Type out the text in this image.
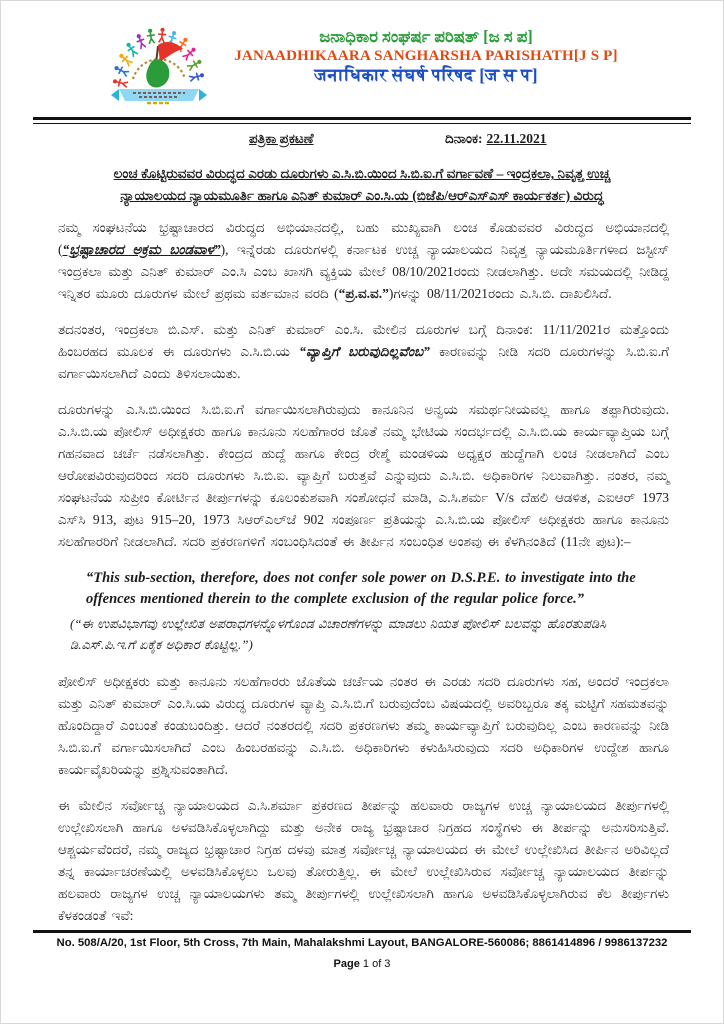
ಜನಾಧಿಕಾರ ಸಂಘರ್ಷ ಪರಿಷತ್ [ಜ ಸ ಪ]
JANAADHIKAARA SANGHARSHA PARISHATH[J S P]
जनाधिकार संघर्ष परिषद [ज स प]
ಪತ್ರಿಕಾ ಪ್ರಕಟಣೆ	ದಿನಾಂಕ: 22.11.2021
ಲಂಚ ಕೊಟ್ಟಿರುವವರ ವಿರುದ್ಧದ ಎರಡು ದೂರುಗಳು ಎ.ಸಿ.ಬಿ.ಯಿಂದ ಸಿ.ಬಿ.ಐ.ಗೆ ವರ್ಗಾವಣೆ – ಇಂದ್ರಕಲಾ, ನಿವೃತ್ತ ಉಚ್ಚ
ನ್ಯಾಯಾಲಯದ ನ್ಯಾಯಮೂರ್ತಿ ಹಾಗೂ ಎನಿತ್ ಕುಮಾರ್ ಎಂ.ಸಿ.ಯ (ಬಿಜೆಪಿ/ಆರ್‌ಎಸ್‌ಎಸ್ ಕಾರ್ಯಕರ್ತ) ವಿರುದ್ಧ

ನಮ್ಮ ಸಂಘಟನೆಯ ಭ್ರಷ್ಟಾಚಾರದ ವಿರುದ್ಧದ ಅಭಿಯಾನದಲ್ಲಿ, ಬಹು ಮುಖ್ಯವಾಗಿ ಲಂಚ ಕೊಡುವವರ ವಿರುದ್ಧದ ಅಭಿಯಾನದಲ್ಲಿ (“ಭ್ರಷ್ಟಾಚಾರದ ಅಕ್ರಮ ಬಂಡವಾಳ”), ಇನ್ನೆರಡು ದೂರುಗಳಲ್ಲಿ ಕರ್ನಾಟಕ ಉಚ್ಚ ನ್ಯಾಯಾಲಯದ ನಿವೃತ್ತ ನ್ಯಾಯಮೂರ್ತಿಗಳಾದ ಜಸ್ಟೀಸ್ ಇಂದ್ರಕಲಾ ಮತ್ತು ಎನಿತ್ ಕುಮಾರ್ ಎಂ.ಸಿ ಎಂಬ ಖಾಸಗಿ ವ್ಯಕ್ತಿಯ ಮೇಲೆ 08/10/2021ರಂದು ನೀಡಲಾಗಿತ್ತು. ಅದೇ ಸಮಯದಲ್ಲಿ ನೀಡಿದ್ದ ಇನ್ನಿತರ ಮೂರು ದೂರುಗಳ ಮೇಲೆ ಪ್ರಥಮ ವರ್ತಮಾನ ವರದಿ (“ಪ್ರ.ವ.ವ.”)ಗಳನ್ನು 08/11/2021ರಂದು ಎ.ಸಿ.ಬಿ. ದಾಖಲಿಸಿದೆ.

ತದನಂತರ, ಇಂದ್ರಕಲಾ ಬಿ.ಎಸ್. ಮತ್ತು ಎನಿತ್ ಕುಮಾರ್ ಎಂ.ಸಿ. ಮೇಲಿನ ದೂರುಗಳ ಬಗ್ಗೆ ದಿನಾಂಕ: 11/11/2021ರ ಮತ್ತೊಂದು ಹಿಂಬರಹದ ಮೂಲಕ ಈ ದೂರುಗಳು ಎ.ಸಿ.ಬಿ.ಯ “ವ್ಯಾಪ್ತಿಗೆ ಬರುವುದಿಲ್ಲವೆಂಬ” ಕಾರಣವನ್ನು ನೀಡಿ ಸದರಿ ದೂರುಗಳನ್ನು ಸಿ.ಬಿ.ಐ.ಗೆ ವರ್ಗಾಯಿಸಲಾಗಿದೆ ಎಂದು ತಿಳಿಸಲಾಯಿತು.

ದೂರುಗಳನ್ನು ಎ.ಸಿ.ಬಿ.ಯಿಂದ ಸಿ.ಬಿ.ಐ.ಗೆ ವರ್ಗಾಯಿಸಲಾಗಿರುವುದು ಕಾನೂನಿನ ಅನ್ವಯ ಸಮರ್ಥನೀಯವಲ್ಲ ಹಾಗೂ ತಪ್ಪಾಗಿರುವುದು. ಎ.ಸಿ.ಬಿ.ಯ ಪೋಲಿಸ್ ಅಧೀಕ್ಷಕರು ಹಾಗೂ ಕಾನೂನು ಸಲಹೆಗಾರರ ಜೊತೆ ನಮ್ಮ ಭೇಟಿಯ ಸಂದರ್ಭದಲ್ಲಿ ಎ.ಸಿ.ಬಿ.ಯ ಕಾರ್ಯವ್ಯಾಪ್ತಿಯ ಬಗ್ಗೆ ಗಹನವಾದ ಚರ್ಚೆ ನಡೆಸಲಾಗಿತ್ತು. ಕೇಂದ್ರದ ಹುದ್ದೆ ಹಾಗೂ ಕೇಂದ್ರ ರೇಶ್ಮೆ ಮಂಡಳಿಯ ಅಧ್ಯಕ್ಷರ ಹುದ್ದೆಗಾಗಿ ಲಂಚ ನೀಡಲಾಗಿದೆ ಎಂಬ ಆರೋಪವಿರುವುದರಿಂದ ಸದರಿ ದೂರುಗಳು ಸಿ.ಬಿ.ಐ. ವ್ಯಾಪ್ತಿಗೆ ಬರುತ್ತವೆ ಎನ್ನುವುದು ಎ.ಸಿ.ಬಿ. ಅಧಿಕಾರಿಗಳ ನಿಲುವಾಗಿತ್ತು. ನಂತರ, ನಮ್ಮ ಸಂಘಟನೆಯ ಸುಪ್ರೀಂ ಕೋರ್ಟಿನ ತೀರ್ಪುಗಳನ್ನು ಕೂಲಂಕುಶವಾಗಿ ಸಂಶೋಧನೆ ಮಾಡಿ, ಎ.ಸಿ.ಶರ್ಮ V/s ದೆಹಲಿ ಆಡಳಿತ, ಎಐಆರ್ 1973 ಎಸ್‌ಸಿ 913, ಪುಟ 915–20, 1973 ಸಿಆರ್‌ಎಲ್‌ಜೆ 902 ಸಂಪೂರ್ಣ ಪ್ರತಿಯನ್ನು ಎ.ಸಿ.ಬಿ.ಯ ಪೋಲಿಸ್ ಅಧೀಕ್ಷಕರು ಹಾಗೂ ಕಾನೂನು ಸಲಹೆಗಾರರಿಗೆ ನೀಡಲಾಗಿದೆ. ಸದರಿ ಪ್ರಕರಣಗಳಿಗೆ ಸಂಬಂಧಿಸಿದಂತೆ ಈ ತೀರ್ಪಿನ ಸಂಬಂಧಿತ ಅಂಶವು ಈ ಕೆಳಗಿನಂತಿದೆ (11ನೇ ಪುಟ):–

“This sub-section, therefore, does not confer sole power on D.S.P.E. to investigate into the offences mentioned therein to the complete exclusion of the regular police force.”

(“ಈ ಉಪವಿಭಾಗವು ಉಲ್ಲೇಖಿತ ಅಪರಾಧಗಳನ್ನೊಳಗೊಂಡ ವಿಚಾರಣೆಗಳನ್ನು ಮಾಡಲು ನಿಯತ ಪೋಲಿಸ್ ಬಲವನ್ನು ಹೊರತುಪಡಿಸಿ ಡಿ.ಎಸ್.ಪಿ.ಇ.ಗೆ ಏಕೈಕ ಅಧಿಕಾರ ಕೊಟ್ಟಿಲ್ಲ.”)

ಪೋಲಿಸ್ ಅಧೀಕ್ಷಕರು ಮತ್ತು ಕಾನೂನು ಸಲಹೆಗಾರರು ಜೊತೆಯ ಚರ್ಚೆಯ ನಂತರ ಈ ಎರಡು ಸದರಿ ದೂರುಗಳು ಸಹ, ಅಂದರೆ ಇಂದ್ರಕಲಾ ಮತ್ತು ಎನಿತ್ ಕುಮಾರ್ ಎಂ.ಸಿ.ಯ ವಿರುದ್ಧ ದೂರುಗಳ ವ್ಯಾಪ್ತಿ ಎ.ಸಿ.ಬಿ.ಗೆ ಬರುವುದೆಂಬ ವಿಷಯದಲ್ಲಿ ಅವರಿಬ್ಬರೂ ತಕ್ಕ ಮಟ್ಟಿಗೆ ಸಹಮತವನ್ನು ಹೊಂದಿದ್ದಾರೆ ಎಂಬಂತೆ ಕಂಡುಬಂದಿತ್ತು. ಆದರೆ ನಂತರದಲ್ಲಿ ಸದರಿ ಪ್ರಕರಣಗಳು ತಮ್ಮ ಕಾರ್ಯವ್ಯಾಪ್ತಿಗೆ ಬರುವುದಿಲ್ಲ ಎಂಬ ಕಾರಣವನ್ನು ನೀಡಿ ಸಿ.ಬಿ.ಐ.ಗೆ ವರ್ಗಾಯಿಸಲಾಗಿದೆ ಎಂಬ ಹಿಂಬರಹವನ್ನು ಎ.ಸಿ.ಬಿ. ಅಧಿಕಾರಿಗಳು ಕಳುಹಿಸಿರುವುದು ಸದರಿ ಅಧಿಕಾರಿಗಳ ಉದ್ದೇಶ ಹಾಗೂ ಕಾರ್ಯವೈಖರಿಯನ್ನು ಪ್ರಶ್ನಿಸುವಂತಾಗಿದೆ.

ಈ ಮೇಲಿನ ಸರ್ವೋಚ್ಚ ನ್ಯಾಯಾಲಯದ ಎ.ಸಿ.ಶರ್ಮಾ ಪ್ರಕರಣದ ತೀರ್ಪನ್ನು ಹಲವಾರು ರಾಜ್ಯಗಳ ಉಚ್ಚ ನ್ಯಾಯಾಲಯದ ತೀರ್ಪುಗಳಲ್ಲಿ ಉಲ್ಲೇಖಿಸಲಾಗಿ ಹಾಗೂ ಅಳವಡಿಸಿಕೊಳ್ಳಲಾಗಿದ್ದು ಮತ್ತು ಅನೇಕ ರಾಜ್ಯ ಭ್ರಷ್ಟಾಚಾರ ನಿಗ್ರಹದ ಸಂಸ್ಥೆಗಳು ಈ ತೀರ್ಪನ್ನು ಅನುಸರಿಸುತ್ತಿವೆ. ಆಶ್ಚರ್ಯವೆಂದರೆ, ನಮ್ಮ ರಾಜ್ಯದ ಭ್ರಷ್ಟಾಚಾರ ನಿಗ್ರಹ ದಳವು ಮಾತ್ರ ಸರ್ವೋಚ್ಚ ನ್ಯಾಯಾಲಯದ ಈ ಮೇಲೆ ಉಲ್ಲೇಖಿಸಿದ ತೀರ್ಪಿನ ಅರಿವಿಲ್ಲದೆ ತನ್ನ ಕಾರ್ಯಾಚರಣೆಯಲ್ಲಿ ಅಳವಡಿಸಿಕೊಳ್ಳಲು ಒಲವು ತೋರುತ್ತಿಲ್ಲ. ಈ ಮೇಲೆ ಉಲ್ಲೇಖಿಸಿರುವ ಸರ್ವೋಚ್ಚ ನ್ಯಾಯಾಲಯದ ತೀರ್ಪನ್ನು ಹಲವಾರು ರಾಜ್ಯಗಳ ಉಚ್ಚ ನ್ಯಾಯಾಲಯಗಳು ತಮ್ಮ ತೀರ್ಪುಗಳಲ್ಲಿ ಉಲ್ಲೇಖಿಸಲಾಗಿ ಹಾಗೂ ಅಳವಡಿಸಿಕೊಳ್ಳಲಾಗಿರುವ ಕೆಲ ತೀರ್ಪುಗಳು ಕೆಳಕಂಡಂತೆ ಇವೆ:

No. 508/A/20, 1st Floor, 5th Cross, 7th Main, Mahalakshmi Layout, BANGALORE-560086; 8861414896 / 9986137232
Page 1 of 3
